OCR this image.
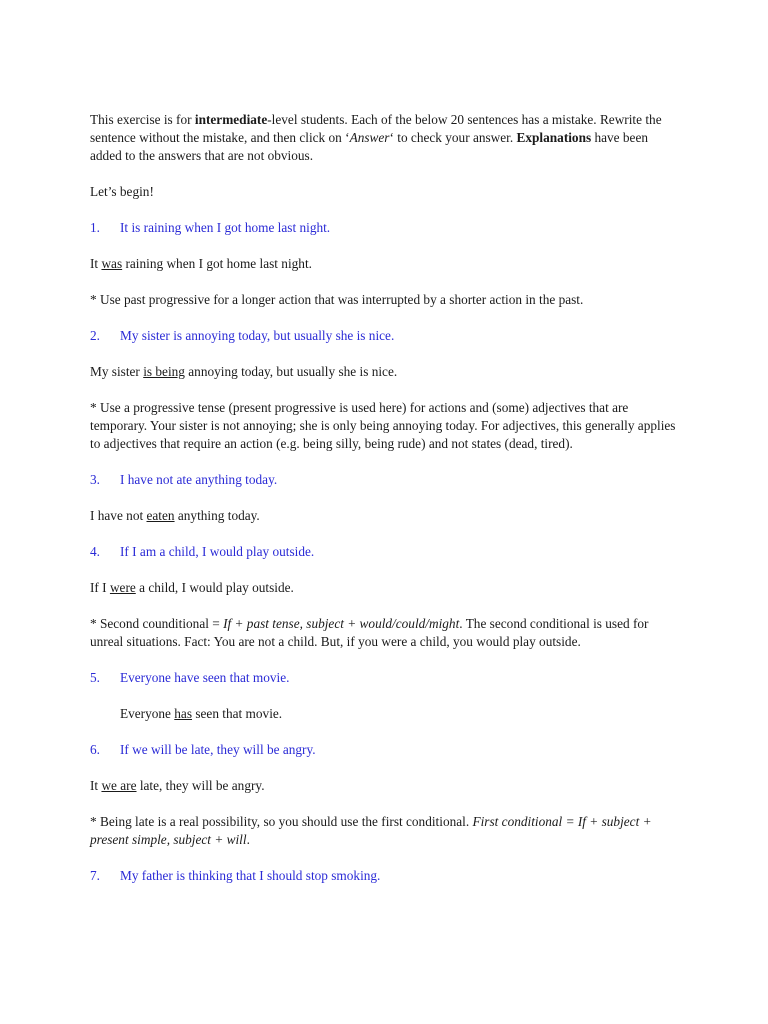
This exercise is for intermediate-level students. Each of the below 20 sentences has a mistake. Rewrite the sentence without the mistake, and then click on ‘Answer‘ to check your answer. Explanations have been added to the answers that are not obvious.

Let’s begin!

1.	It is raining when I got home last night.

It was raining when I got home last night.

* Use past progressive for a longer action that was interrupted by a shorter action in the past.

2.	My sister is annoying today, but usually she is nice.

My sister is being annoying today, but usually she is nice.

* Use a progressive tense (present progressive is used here) for actions and (some) adjectives that are temporary. Your sister is not annoying; she is only being annoying today. For adjectives, this generally applies to adjectives that require an action (e.g. being silly, being rude) and not states (dead, tired).

3.	I have not ate anything today.

I have not eaten anything today.

4.	If I am a child, I would play outside.

If I were a child, I would play outside.

* Second counditional = If + past tense, subject + would/could/might. The second conditional is used for unreal situations. Fact: You are not a child. But, if you were a child, you would play outside.

5.	Everyone have seen that movie.

Everyone has seen that movie.

6.	If we will be late, they will be angry.

It we are late, they will be angry.

* Being late is a real possibility, so you should use the first conditional. First conditional = If + subject + present simple, subject + will.

7.	My father is thinking that I should stop smoking.
